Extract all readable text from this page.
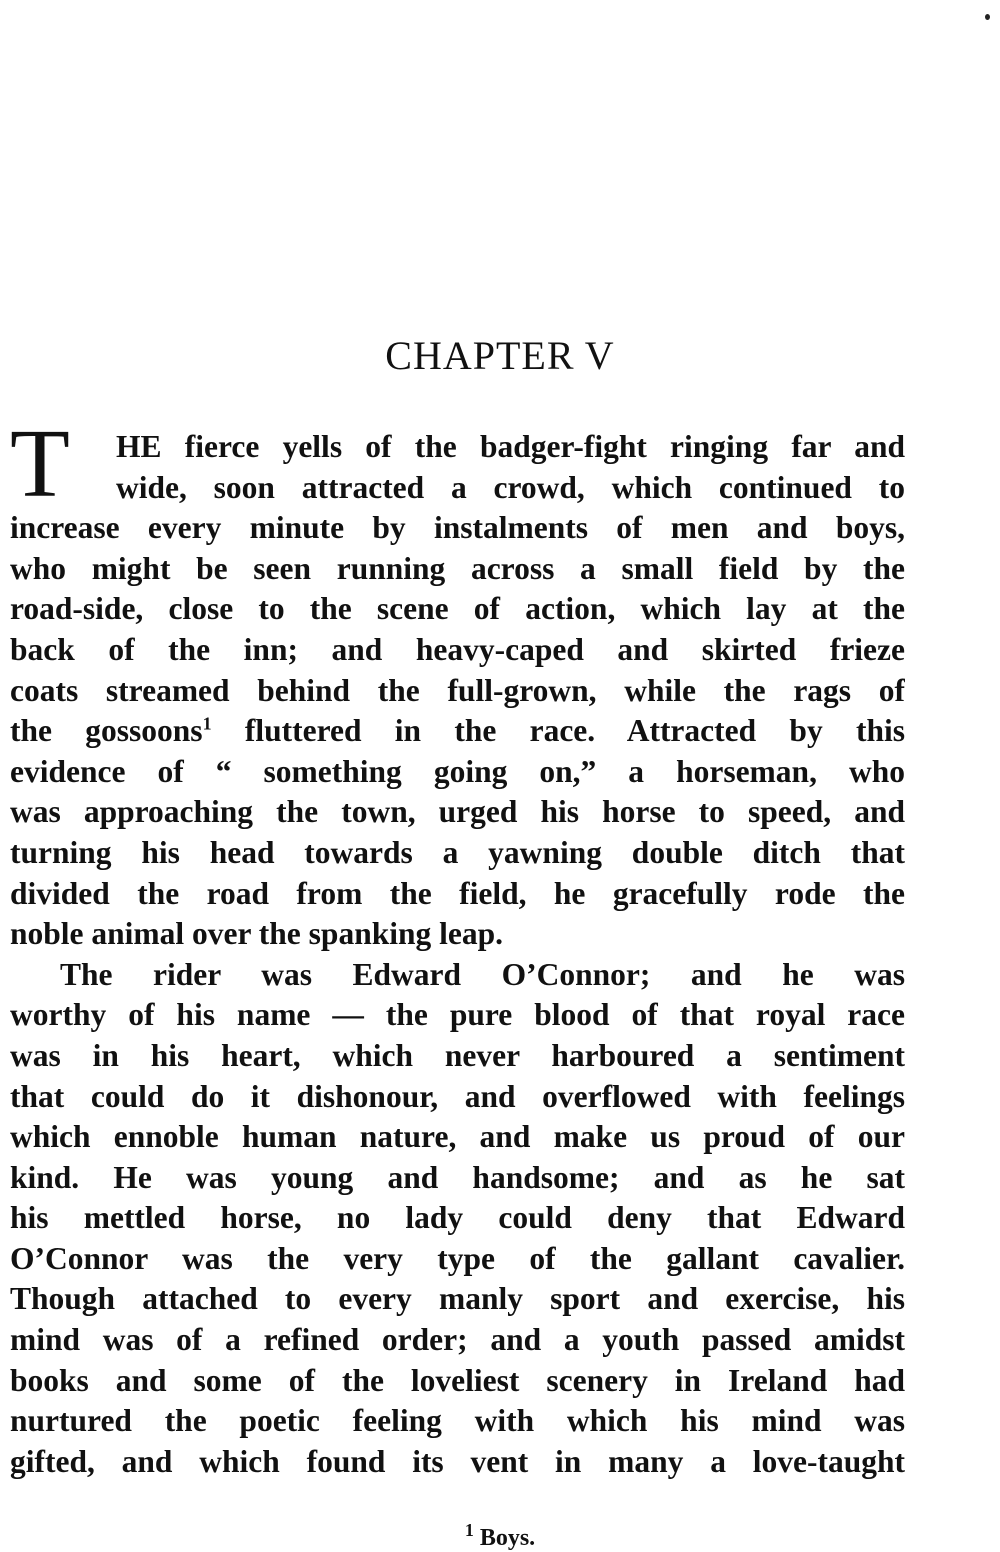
CHAPTER V
T	HE fierce yells of the badger-fight ringing far and
wide, soon attracted a crowd, which continued to
increase every minute by instalments of men and boys,
who might be seen running across a small field by the
road-side, close to the scene of action, which lay at the
back of the inn; and heavy-caped and skirted frieze
coats streamed behind the full-grown, while the rags of
the gossoons$^1$ fluttered in the race. Attracted by this
evidence of “ something going on,” a horseman, who
was approaching the town, urged his horse to speed, and
turning his head towards a yawning double ditch that
divided the road from the field, he gracefully rode the
noble animal over the spanking leap.
The rider was Edward O’Connor; and he was
worthy of his name — the pure blood of that royal race
was in his heart, which never harboured a sentiment
that could do it dishonour, and overflowed with feelings
which ennoble human nature, and make us proud of our
kind. He was young and handsome; and as he sat
his mettled horse, no lady could deny that Edward
O’Connor was the very type of the gallant cavalier.
Though attached to every manly sport and exercise, his
mind was of a refined order; and a youth passed amidst
books and some of the loveliest scenery in Ireland had
nurtured the poetic feeling with which his mind was
gifted, and which found its vent in many a love-taught

$^1$ Boys.
